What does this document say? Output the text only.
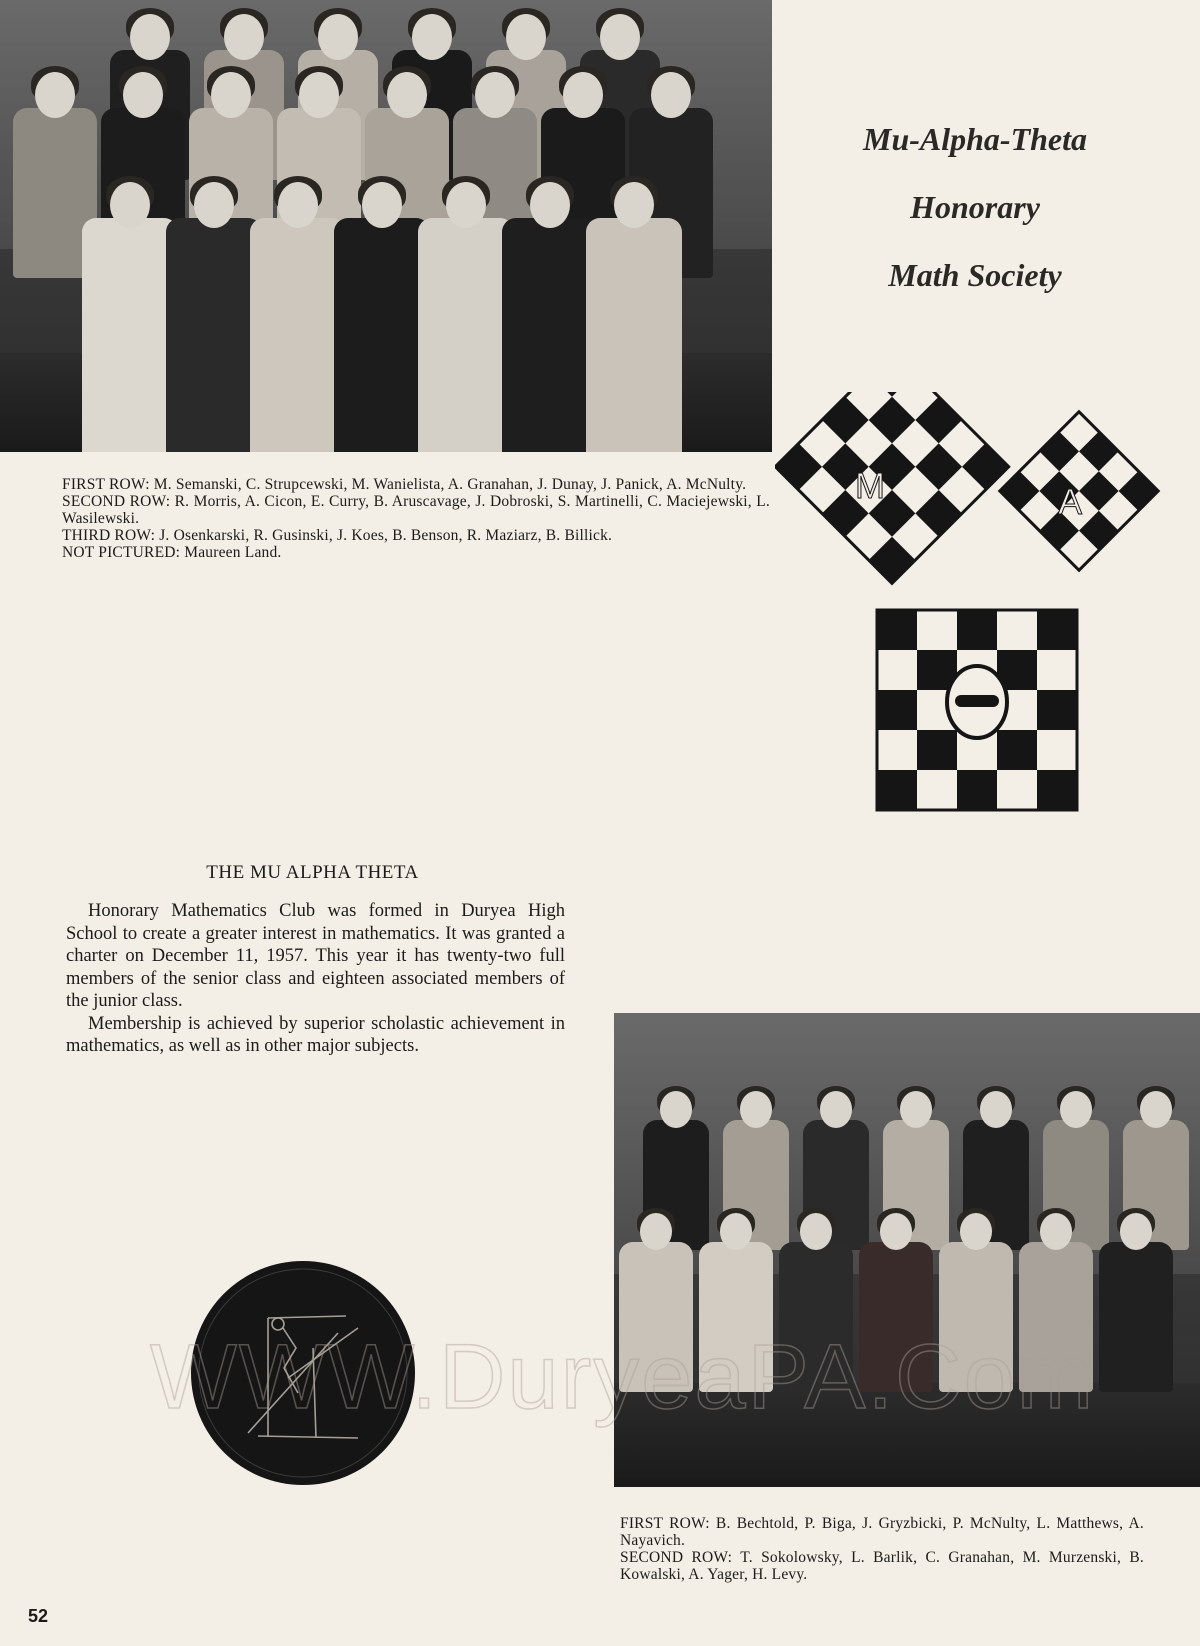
Mu-Alpha-Theta
Honorary
Math Society

FIRST ROW: M. Semanski, C. Strupcewski, M. Wanielista, A. Granahan, J. Dunay, J. Panick, A. McNulty.

SECOND ROW: R. Morris, A. Cicon, E. Curry, B. Aruscavage, J. Dobroski, S. Martinelli, C. Maciejewski, L. Wasilewski.

THIRD ROW: J. Osenkarski, R. Gusinski, J. Koes, B. Benson, R. Maziarz, B. Billick.

NOT PICTURED: Maureen Land.

M	A
THE MU ALPHA THETA

Honorary Mathematics Club was formed in Duryea High School to create a greater interest in mathematics. It was granted a charter on December 11, 1957. This year it has twenty-two full members of the senior class and eighteen associated members of the junior class.

Membership is achieved by superior scholastic achievement in mathematics, as well as in other major subjects.

FIRST ROW: B. Bechtold, P. Biga, J. Gryzbicki, P. McNulty, L. Matthews, A. Nayavich.

SECOND ROW: T. Sokolowsky, L. Barlik, C. Granahan, M. Murzenski, B. Kowalski, A. Yager, H. Levy.

WWW.DuryeaPA.Com
52
